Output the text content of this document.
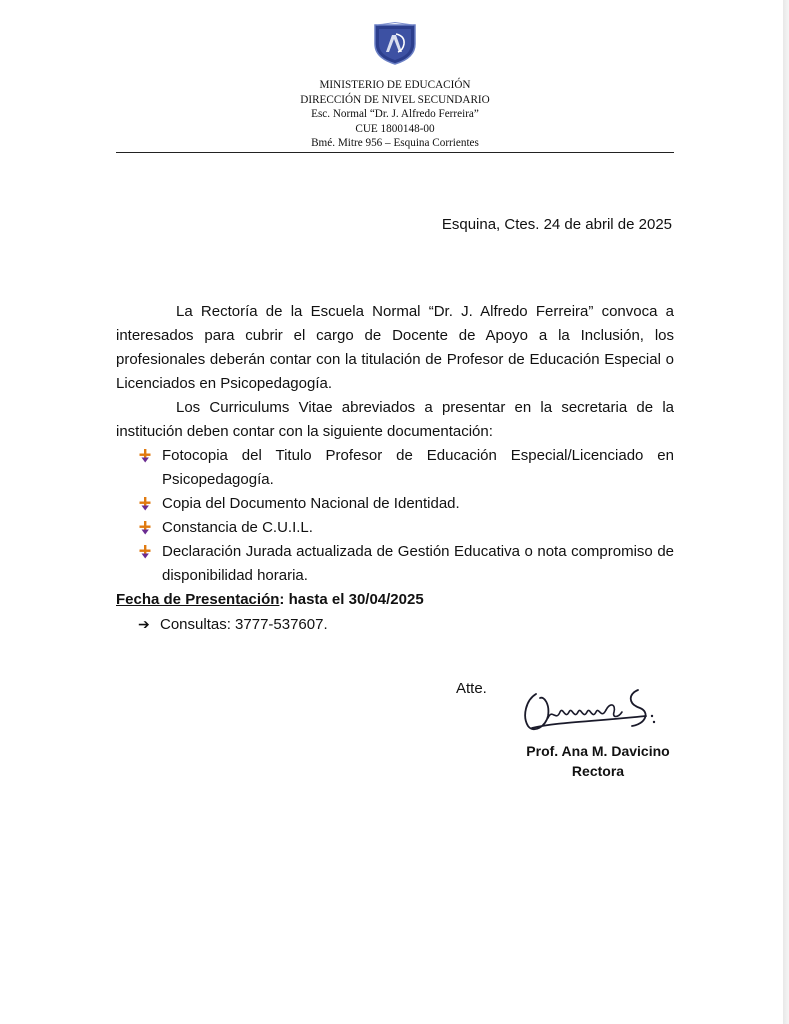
MINISTERIO DE EDUCACIÓN
DIRECCIÓN DE NIVEL SECUNDARIO
Esc. Normal “Dr. J. Alfredo Ferreira”
CUE 1800148-00
Bmé. Mitre 956 – Esquina Corrientes
Esquina, Ctes. 24 de abril de 2025

La Rectoría de la Escuela Normal “Dr. J. Alfredo Ferreira” convoca a interesados para cubrir el cargo de Docente de Apoyo a la Inclusión, los profesionales deberán contar con la titulación de Profesor de Educación Especial o Licenciados en Psicopedagogía.

Los Curriculums Vitae abreviados a presentar en la secretaria de la institución deben contar con la siguiente documentación:

Fotocopia del Titulo Profesor de Educación Especial/Licenciado en Psicopedagogía.
Copia del Documento Nacional de Identidad.
Constancia de C.U.I.L.
Declaración Jurada actualizada de Gestión Educativa o nota compromiso de disponibilidad horaria.

Fecha de Presentación: hasta el 30/04/2025

➔ Consultas: 3777-537607.

Atte.
Prof. Ana M. Davicino
Rectora
